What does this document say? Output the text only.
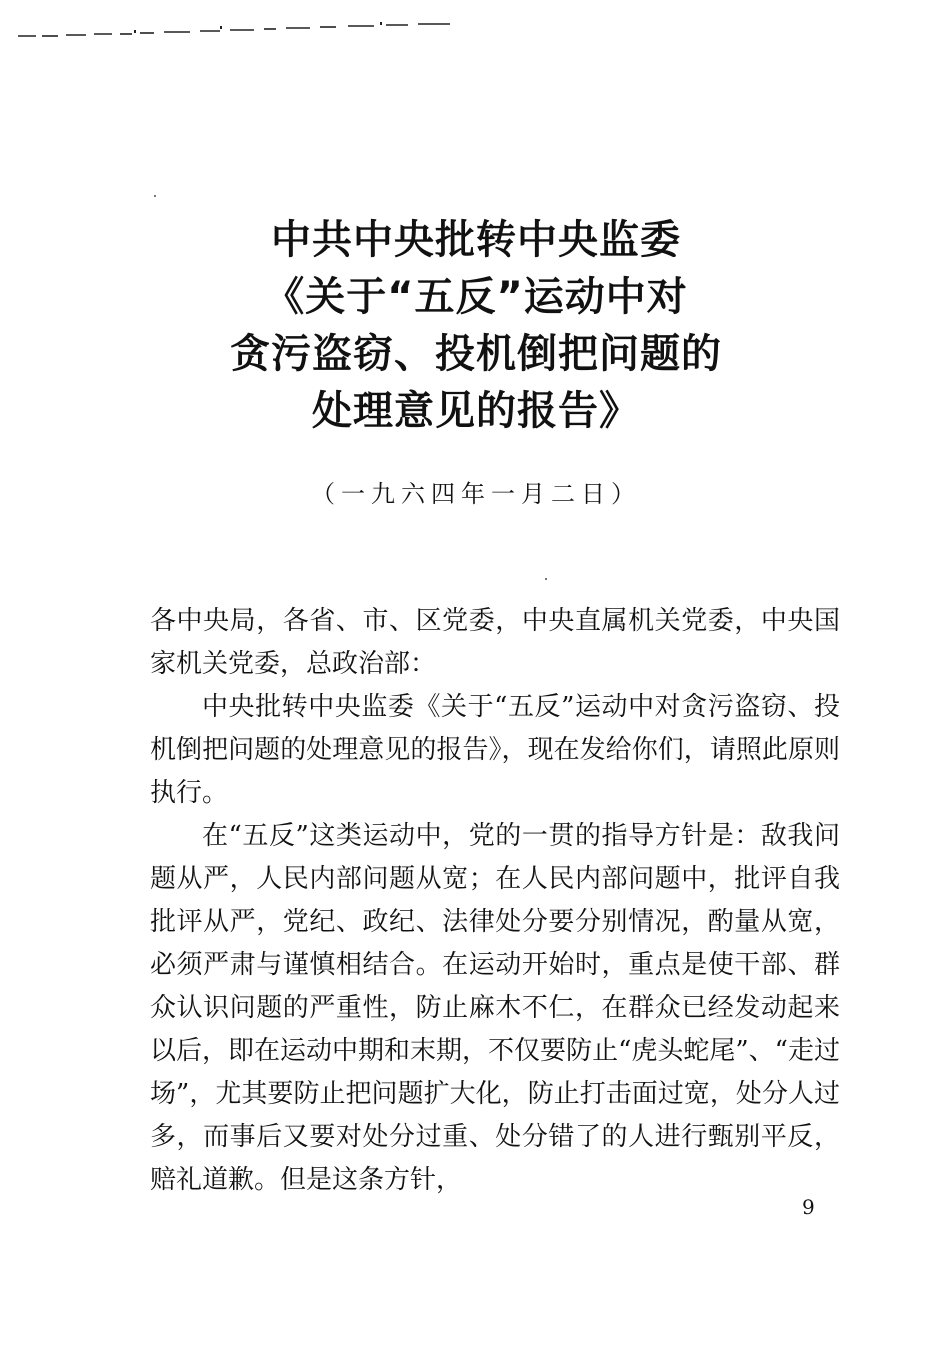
中共中央批转中央监委
《关于“五反”运动中对
贪污盗窃、投机倒把问题的
处理意见的报告》
（一九六四年一月二日）

各中央局，各省、市、区党委，中央直属机关党委，中央国家机关党委，总政治部：

中央批转中央监委《关于“五反”运动中对贪污盗窃、投机倒把问题的处理意见的报告》，现在发给你们，请照此原则执行。

在“五反”这类运动中，党的一贯的指导方针是：敌我问题从严，人民内部问题从宽；在人民内部问题中，批评自我批评从严，党纪、政纪、法律处分要分别情况，酌量从宽，必须严肃与谨慎相结合。在运动开始时，重点是使干部、群众认识问题的严重性，防止麻木不仁，在群众已经发动起来以后，即在运动中期和末期，不仅要防止“虎头蛇尾”、“走过场”，尤其要防止把问题扩大化，防止打击面过宽，处分人过多，而事后又要对处分过重、处分错了的人进行甄别平反，赔礼道歉。但是这条方针，

9
